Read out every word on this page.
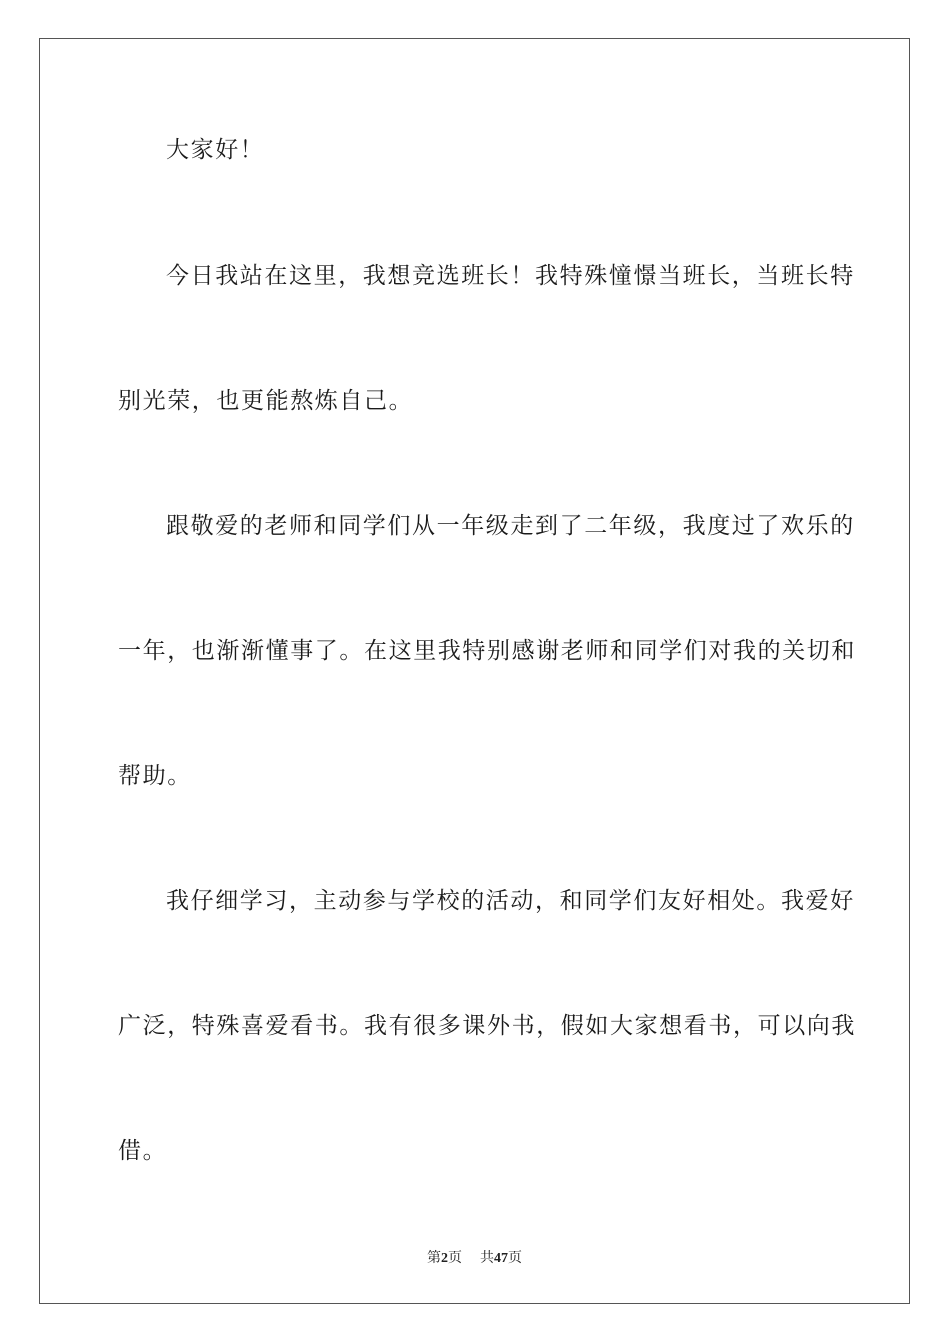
大家好！
今日我站在这里，我想竞选班长！我特殊憧憬当班长，当班长特
别光荣，也更能熬炼自己。
跟敬爱的老师和同学们从一年级走到了二年级，我度过了欢乐的
一年，也渐渐懂事了。在这里我特别感谢老师和同学们对我的关切和
帮助。
我仔细学习，主动参与学校的活动，和同学们友好相处。我爱好
广泛，特殊喜爱看书。我有很多课外书，假如大家想看书，可以向我
借。
第2页 共47页
